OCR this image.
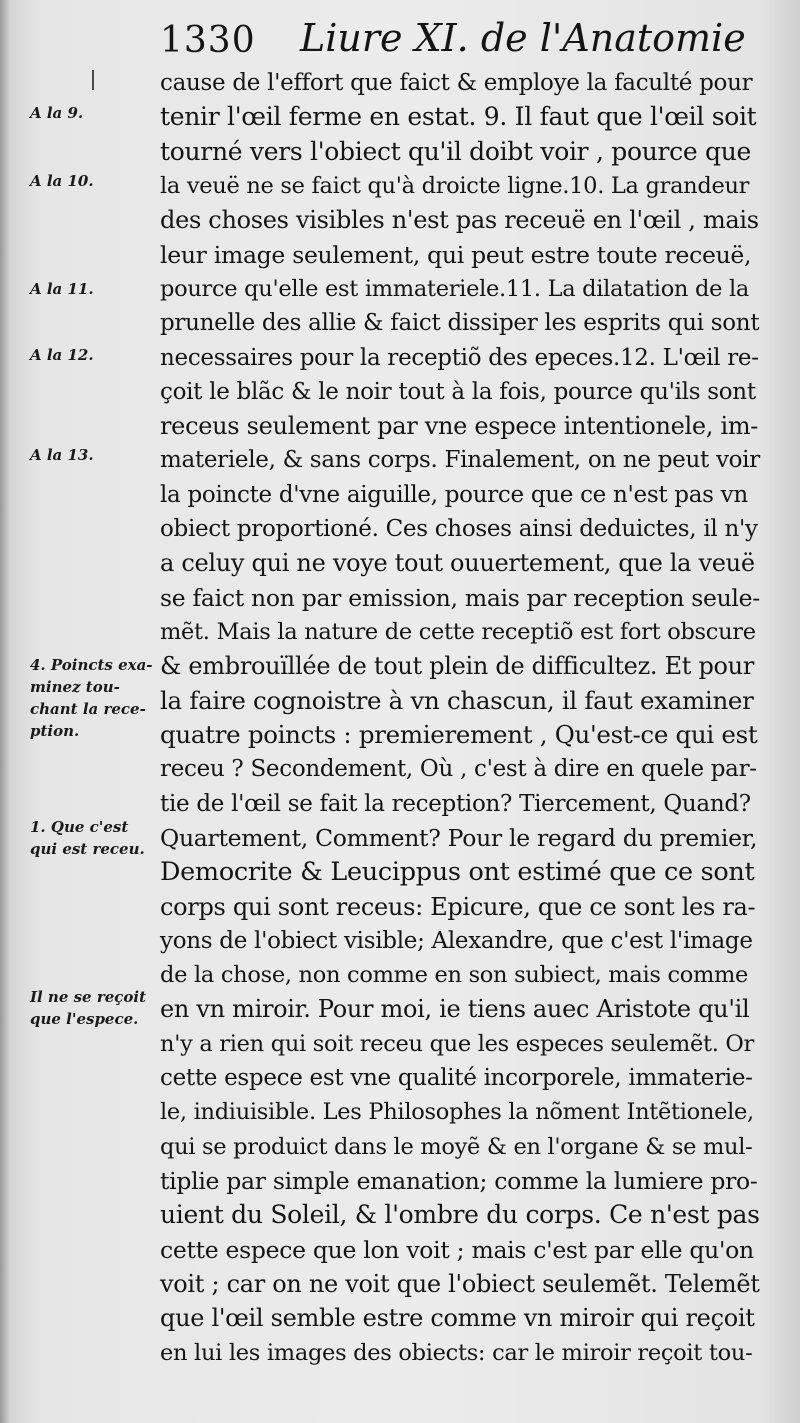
1330 Liure XI. de l'Anatomie
A la 9.
A la 10.
A la 11.
A la 12.
A la 13.
4. Poincts exa-
minez tou-
chant la rece-
ption.
1. Que c'est
qui est receu.
Il ne se reçoit
que l'espece.
cause de l'effort que faict & employe la faculté pour
tenir l'œil ferme en estat. 9. Il faut que l'œil soit
tourné vers l'obiect qu'il doibt voir , pource que
la veuë ne se faict qu'à droicte ligne.10. La grandeur
des choses visibles n'est pas receuë en l'œil , mais
leur image seulement, qui peut estre toute receuë,
pource qu'elle est immateriele.11. La dilatation de la
prunelle des allie & faict dissiper les esprits qui sont
necessaires pour la receptiõ des epeces.12. L'œil re-
çoit le blãc & le noir tout à la fois, pource qu'ils sont
receus seulement par vne espece intentionele, im-
materiele, & sans corps. Finalement, on ne peut voir
la poincte d'vne aiguille, pource que ce n'est pas vn
obiect proportioné. Ces choses ainsi deduictes, il n'y
a celuy qui ne voye tout ouuertement, que la veuë
se faict non par emission, mais par reception seule-
mẽt. Mais la nature de cette receptiõ est fort obscure
& embrouïllée de tout plein de difficultez. Et pour
la faire cognoistre à vn chascun, il faut examiner
quatre poincts : premierement , Qu'est-ce qui est
receu ? Secondement, Où , c'est à dire en quele par-
tie de l'œil se fait la reception? Tiercement, Quand?
Quartement, Comment? Pour le regard du premier,
Democrite & Leucippus ont estimé que ce sont
corps qui sont receus: Epicure, que ce sont les ra-
yons de l'obiect visible; Alexandre, que c'est l'image
de la chose, non comme en son subiect, mais comme
en vn miroir. Pour moi, ie tiens auec Aristote qu'il
n'y a rien qui soit receu que les especes seulemẽt. Or
cette espece est vne qualité incorporele, immaterie-
le, indiuisible. Les Philosophes la nõment Intẽtionele,
qui se produict dans le moyẽ & en l'organe & se mul-
tiplie par simple emanation; comme la lumiere pro-
uient du Soleil, & l'ombre du corps. Ce n'est pas
cette espece que lon voit ; mais c'est par elle qu'on
voit ; car on ne voit que l'obiect seulemẽt. Telemẽt
que l'œil semble estre comme vn miroir qui reçoit
en lui les images des obiects: car le miroir reçoit tou-
